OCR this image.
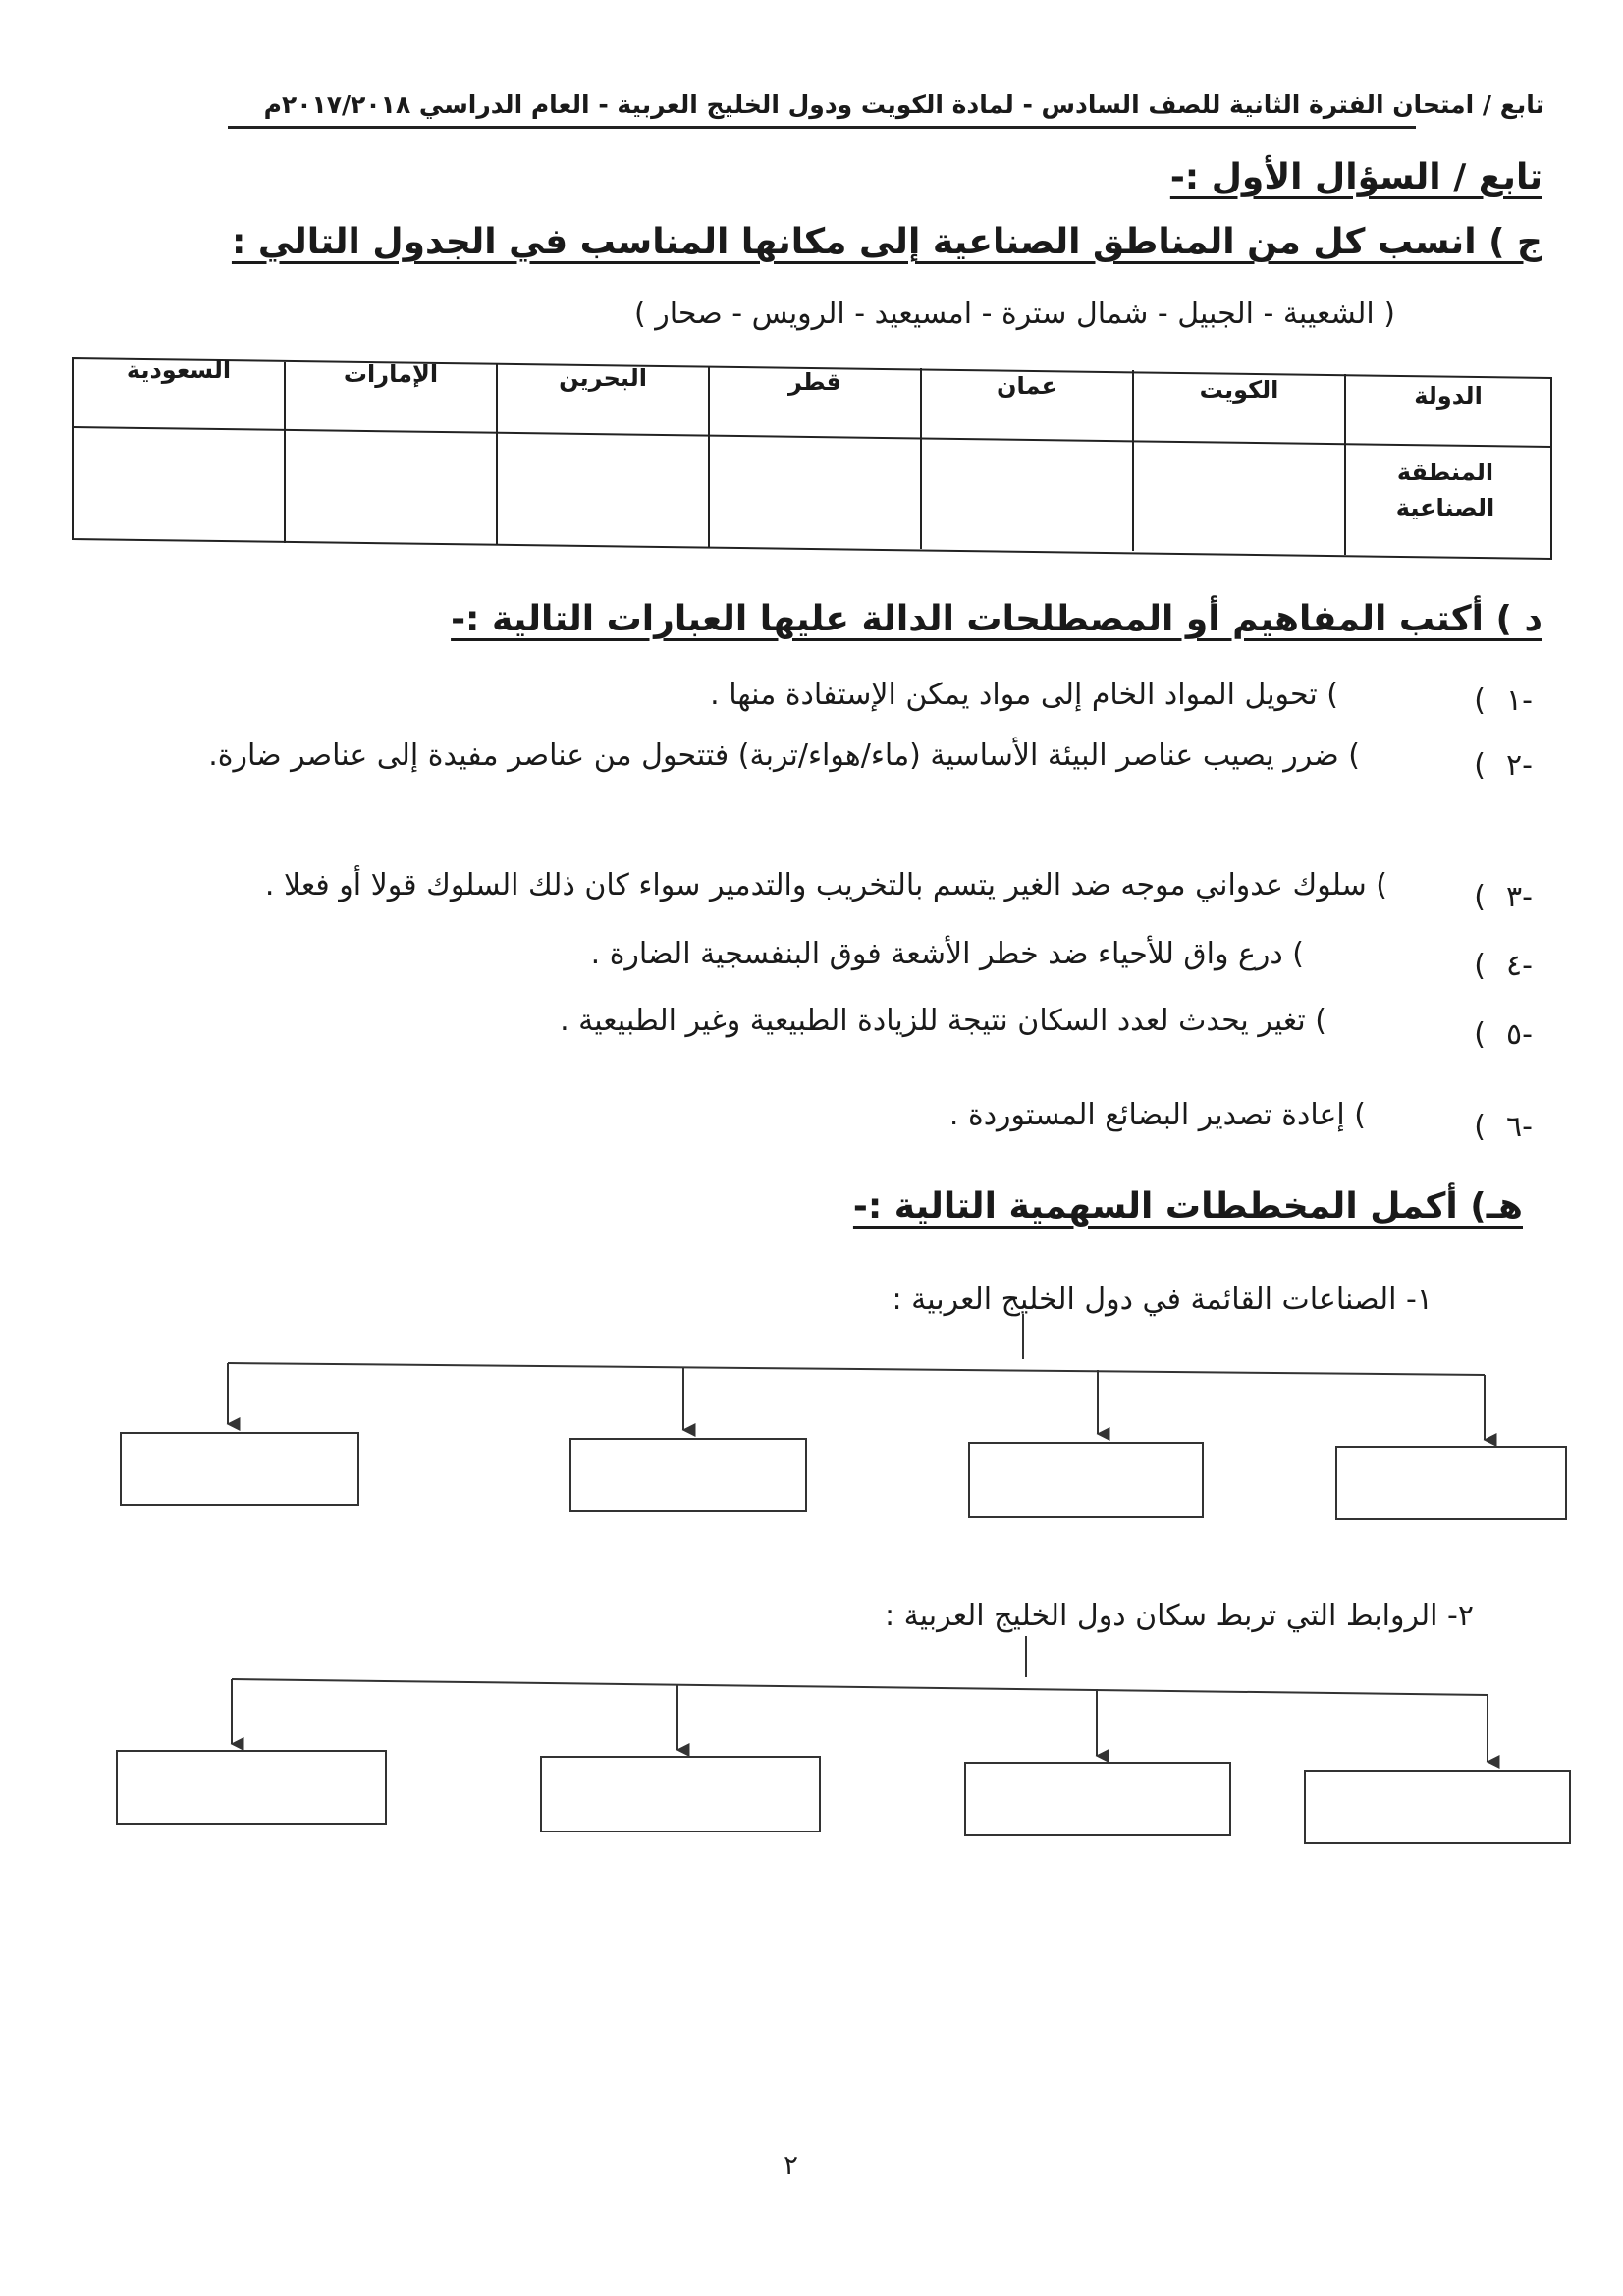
تابع / امتحان الفترة الثانية للصف السادس - لمادة الكويت ودول الخليج العربية - العام الدراسي ٢٠١٧/٢٠١٨م
تابع / السؤال الأول :-
ج ) انسب كل من المناطق الصناعية إلى مكانها المناسب في الجدول التالي :
( الشعيبة - الجبيل - شمال سترة - امسيعيد - الرويس - صحار )
الدولة
المنطقة الصناعية
الكويت
عمان
قطر
البحرين
الإمارات
السعودية
د ) أكتب المفاهيم أو المصطلحات الدالة عليها العبارات التالية :-
١-
(
) تحويل المواد الخام إلى مواد يمكن الإستفادة منها .
٢-
(
) ضرر يصيب عناصر البيئة الأساسية (ماء/هواء/تربة) فتتحول من عناصر مفيدة إلى عناصر ضارة.
٣-
(
) سلوك عدواني موجه ضد الغير يتسم بالتخريب والتدمير سواء كان ذلك السلوك قولا أو فعلا .
٤-
(
) درع واق للأحياء ضد خطر الأشعة فوق البنفسجية الضارة .
٥-
(
) تغير يحدث لعدد السكان نتيجة للزيادة الطبيعية وغير الطبيعية .
٦-
(
) إعادة تصدير البضائع المستوردة .
هـ) أكمل المخططات السهمية التالية :-
١- الصناعات القائمة في دول الخليج العربية :
٢- الروابط التي تربط سكان دول الخليج العربية :
٢
